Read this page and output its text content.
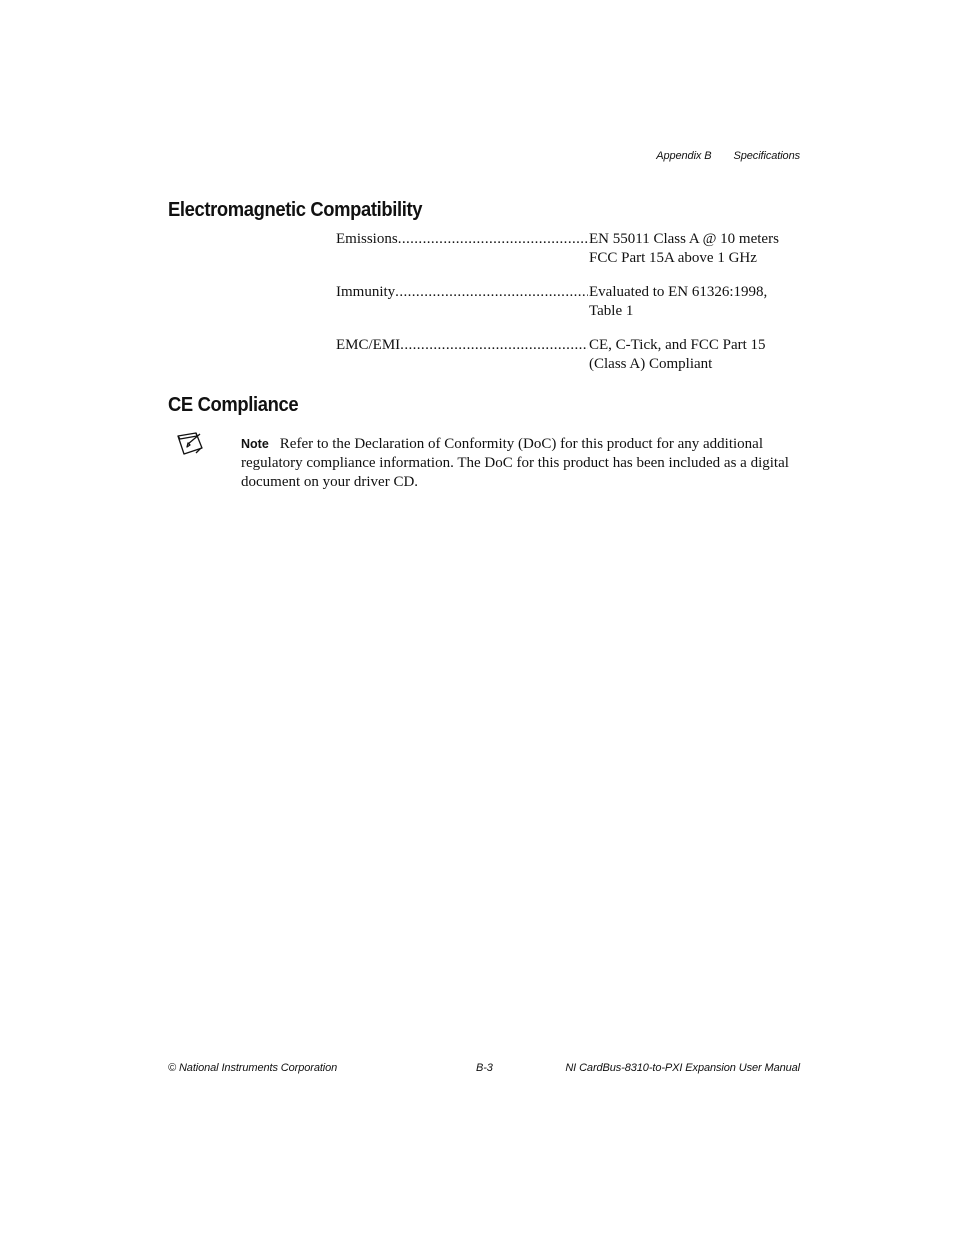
Appendix B Specifications
Electromagnetic Compatibility
Emissions .....	EN 55011 Class A @ 10 meters
FCC Part 15A above 1 GHz
Immunity .....	Evaluated to EN 61326:1998,
Table 1
EMC/EMI .....	CE, C-Tick, and FCC Part 15
(Class A) Compliant
CE Compliance
Note Refer to the Declaration of Conformity (DoC) for this product for any additional regulatory compliance information. The DoC for this product has been included as a digital document on your driver CD.
© National Instruments Corporation	B-3	NI CardBus-8310-to-PXI Expansion User Manual
